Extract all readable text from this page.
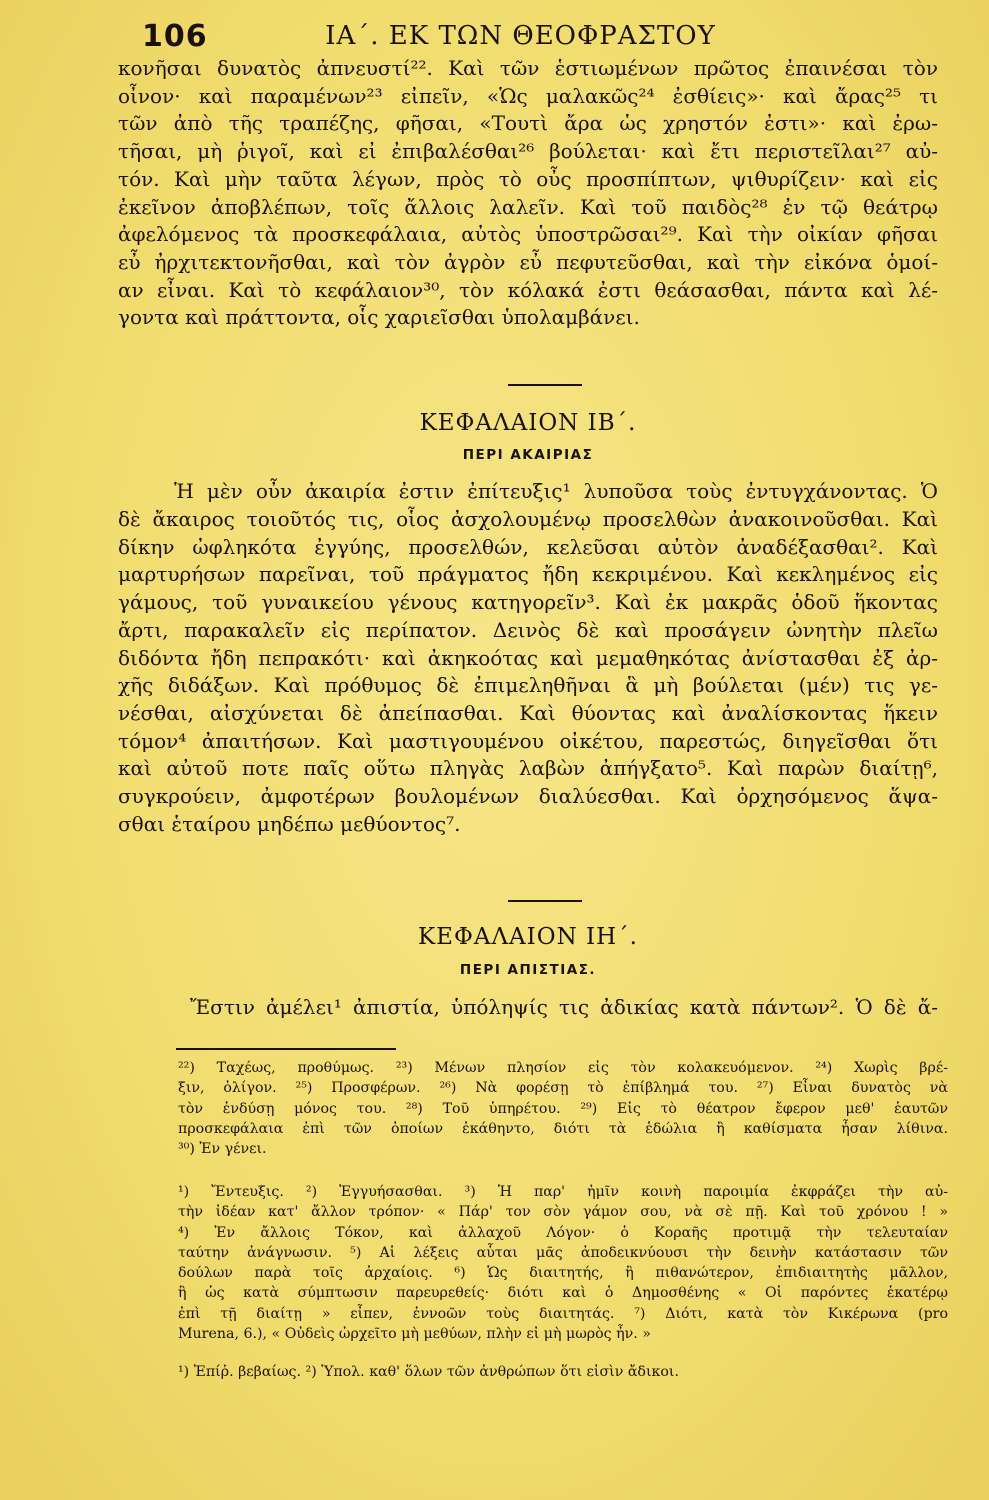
106	ΙΑ΄. ΕΚ ΤΩΝ ΘΕΟΦΡΑΣΤΟΥ
κονῆσαι δυνατὸς ἀπνευστί²². Καὶ τῶν ἑστιωμένων πρῶτος ἐπαινέσαι τὸν
οἶνον· καὶ παραμένων²³ εἰπεῖν, «Ὡς μαλακῶς²⁴ ἐσθίεις»· καὶ ἄρας²⁵ τι
τῶν ἀπὸ τῆς τραπέζης, φῆσαι, «Τουτὶ ἄρα ὡς χρηστόν ἐστι»· καὶ ἐρω-
τῆσαι, μὴ ῥιγοῖ, καὶ εἰ ἐπιβαλέσθαι²⁶ βούλεται· καὶ ἔτι περιστεῖλαι²⁷ αὐ-
τόν. Καὶ μὴν ταῦτα λέγων, πρὸς τὸ οὖς προσπίπτων, ψιθυρίζειν· καὶ εἰς
ἐκεῖνον ἀποβλέπων, τοῖς ἄλλοις λαλεῖν. Καὶ τοῦ παιδὸς²⁸ ἐν τῷ θεάτρῳ
ἀφελόμενος τὰ προσκεφάλαια, αὐτὸς ὑποστρῶσαι²⁹. Καὶ τὴν οἰκίαν φῆσαι
εὖ ἠρχιτεκτονῆσθαι, καὶ τὸν ἀγρὸν εὖ πεφυτεῦσθαι, καὶ τὴν εἰκόνα ὁμοί-
αν εἶναι. Καὶ τὸ κεφάλαιον³⁰, τὸν κόλακά ἐστι θεάσασθαι, πάντα καὶ λέ-
γοντα καὶ πράττοντα, οἷς χαριεῖσθαι ὑπολαμβάνει.
ΚΕΦΑΛΑΙΟΝ ΙΒ΄.
ΠΕΡΙ ΑΚΑΙΡΙΑΣ
Ἡ μὲν οὖν ἀκαιρία ἐστιν ἐπίτευξις¹ λυποῦσα τοὺς ἐντυγχάνοντας. Ὁ
δὲ ἄκαιρος τοιοῦτός τις, οἷος ἀσχολουμένῳ προσελθὼν ἀνακοινοῦσθαι. Καὶ
δίκην ὠφληκότα ἐγγύης, προσελθών, κελεῦσαι αὐτὸν ἀναδέξασθαι². Καὶ
μαρτυρήσων παρεῖναι, τοῦ πράγματος ἤδη κεκριμένου. Καὶ κεκλημένος εἰς
γάμους, τοῦ γυναικείου γένους κατηγορεῖν³. Καὶ ἐκ μακρᾶς ὁδοῦ ἥκοντας
ἄρτι, παρακαλεῖν εἰς περίπατον. Δεινὸς δὲ καὶ προσάγειν ὠνητὴν πλεῖω
διδόντα ἤδη πεπρακότι· καὶ ἀκηκοότας καὶ μεμαθηκότας ἀνίστασθαι ἐξ ἀρ-
χῆς διδάξων. Καὶ πρόθυμος δὲ ἐπιμεληθῆναι ἃ μὴ βούλεται (μέν) τις γε-
νέσθαι, αἰσχύνεται δὲ ἀπείπασθαι. Καὶ θύοντας καὶ ἀναλίσκοντας ἥκειν
τόμον⁴ ἀπαιτήσων. Καὶ μαστιγουμένου οἰκέτου, παρεστώς, διηγεῖσθαι ὅτι
καὶ αὐτοῦ ποτε παῖς οὕτω πληγὰς λαβὼν ἀπήγξατο⁵. Καὶ παρὼν διαίτῃ⁶,
συγκρούειν, ἀμφοτέρων βουλομένων διαλύεσθαι. Καὶ ὀρχησόμενος ἅψα-
σθαι ἑταίρου μηδέπω μεθύοντος⁷.
ΚΕΦΑΛΑΙΟΝ ΙΗ΄.
ΠΕΡΙ ΑΠΙΣΤΙΑΣ.
Ἔστιν ἀμέλει¹ ἀπιστία, ὑπόληψίς τις ἀδικίας κατὰ πάντων². Ὁ δὲ ἄ-
²²) Ταχέως, προθύμως. ²³) Μένων πλησίον εἰς τὸν κολακευόμενον. ²⁴) Χωρὶς βρέ-
ξιν, ὀλίγον. ²⁵) Προσφέρων. ²⁶) Νὰ φορέσῃ τὸ ἐπίβλημά του. ²⁷) Εἶναι δυνατὸς νὰ
τὸν ἐνδύσῃ μόνος του. ²⁸) Τοῦ ὑπηρέτου. ²⁹) Εἰς τὸ θέατρον ἔφερον μεθ' ἑαυτῶν
προσκεφάλαια ἐπὶ τῶν ὁποίων ἐκάθηντο, διότι τὰ ἑδώλια ἢ καθίσματα ἦσαν λίθινα.
³⁰) Ἐν γένει.
¹) Ἔντευξις. ²) Ἐγγυήσασθαι. ³) Ἡ παρ' ἡμῖν κοινὴ παροιμία ἐκφράζει τὴν αὐ-
τὴν ἰδέαν κατ' ἄλλον τρόπον· « Πάρ' τον σὸν γάμον σου, νὰ σὲ πῇ. Καὶ τοῦ χρόνου ! »
⁴) Ἐν ἄλλοις Τόκον, καὶ ἀλλαχοῦ Λόγον· ὁ Κοραῆς προτιμᾷ τὴν τελευταίαν
ταύτην ἀνάγνωσιν. ⁵) Αἱ λέξεις αὗται μᾶς ἀποδεικνύουσι τὴν δεινὴν κατάστασιν τῶν
δούλων παρὰ τοῖς ἀρχαίοις. ⁶) Ὡς διαιτητής, ἢ πιθανώτερον, ἐπιδιαιτητὴς μᾶλλον,
ἢ ὡς κατὰ σύμπτωσιν παρευρεθείς· διότι καὶ ὁ Δημοσθένης « Οἱ παρόντες ἑκατέρῳ
ἐπὶ τῇ διαίτῃ » εἶπεν, ἐννοῶν τοὺς διαιτητάς. ⁷) Διότι, κατὰ τὸν Κικέρωνα (pro
Murena, 6.), « Οὐδεὶς ὠρχεῖτο μὴ μεθύων, πλὴν εἰ μὴ μωρὸς ἦν. »
¹) Ἐπίῤ. βεβαίως. ²) Ὑπολ. καθ' ὅλων τῶν ἀνθρώπων ὅτι εἰσὶν ἄδικοι.
